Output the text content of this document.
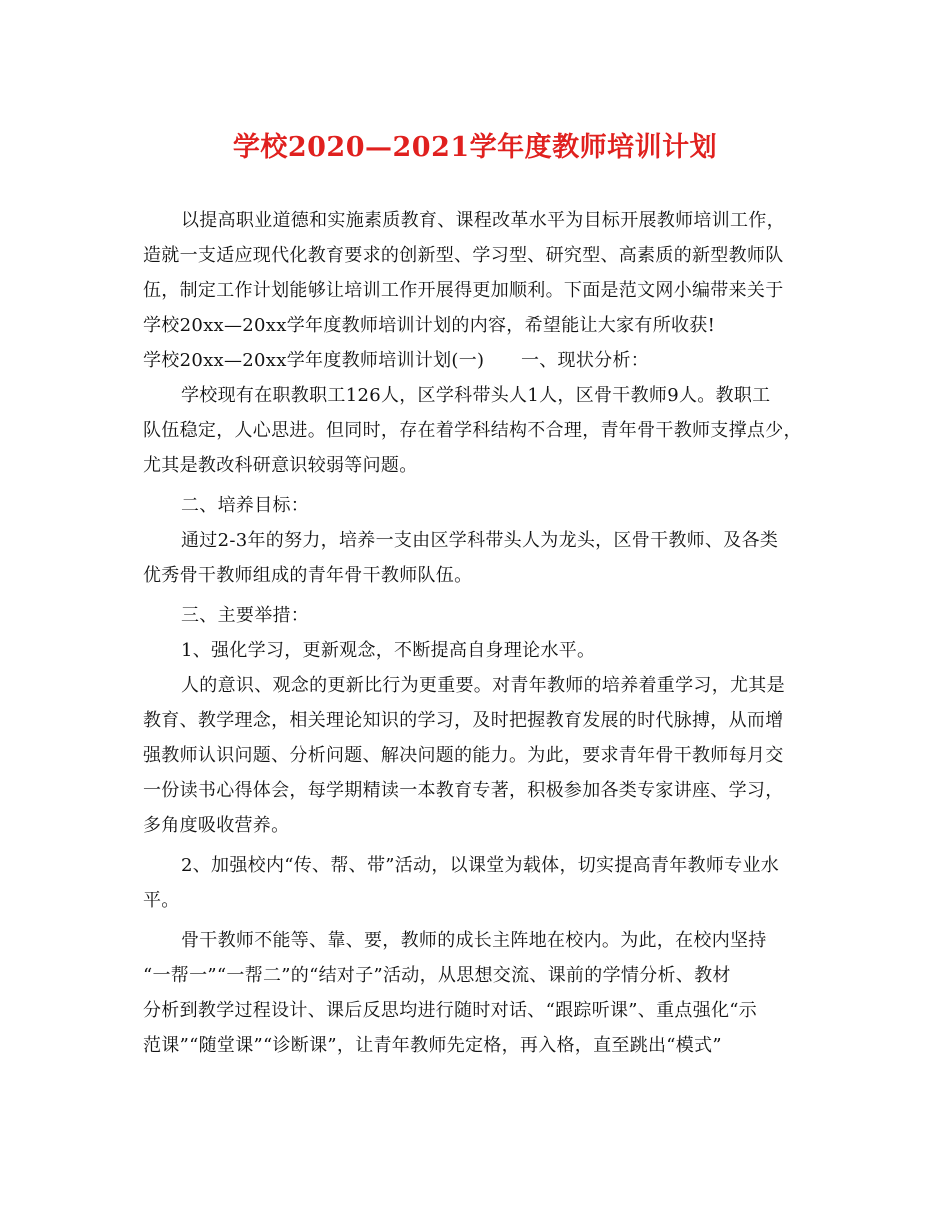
学校2020—2021学年度教师培训计划
以提高职业道德和实施素质教育、课程改革水平为目标开展教师培训工作，
造就一支适应现代化教育要求的创新型、学习型、研究型、高素质的新型教师队
伍，制定工作计划能够让培训工作开展得更加顺利。下面是范文网小编带来关于
学校20xx—20xx学年度教师培训计划的内容，希望能让大家有所收获!
学校20xx—20xx学年度教师培训计划(一)　　一、现状分析：
学校现有在职教职工126人，区学科带头人1人，区骨干教师9人。教职工
队伍稳定，人心思进。但同时，存在着学科结构不合理，青年骨干教师支撑点少，
尤其是教改科研意识较弱等问题。
二、培养目标：
通过2-3年的努力，培养一支由区学科带头人为龙头，区骨干教师、及各类
优秀骨干教师组成的青年骨干教师队伍。
三、主要举措：
1、强化学习，更新观念，不断提高自身理论水平。
人的意识、观念的更新比行为更重要。对青年教师的培养着重学习，尤其是
教育、教学理念，相关理论知识的学习，及时把握教育发展的时代脉搏，从而增
强教师认识问题、分析问题、解决问题的能力。为此，要求青年骨干教师每月交
一份读书心得体会，每学期精读一本教育专著，积极参加各类专家讲座、学习，
多角度吸收营养。
2、加强校内“传、帮、带”活动，以课堂为载体，切实提高青年教师专业水
平。
骨干教师不能等、靠、要，教师的成长主阵地在校内。为此，在校内坚持
“一帮一”“一帮二”的“结对子”活动，从思想交流、课前的学情分析、教材
分析到教学过程设计、课后反思均进行随时对话、“跟踪听课”、重点强化“示
范课”“随堂课”“诊断课”，让青年教师先定格，再入格，直至跳出“模式”
